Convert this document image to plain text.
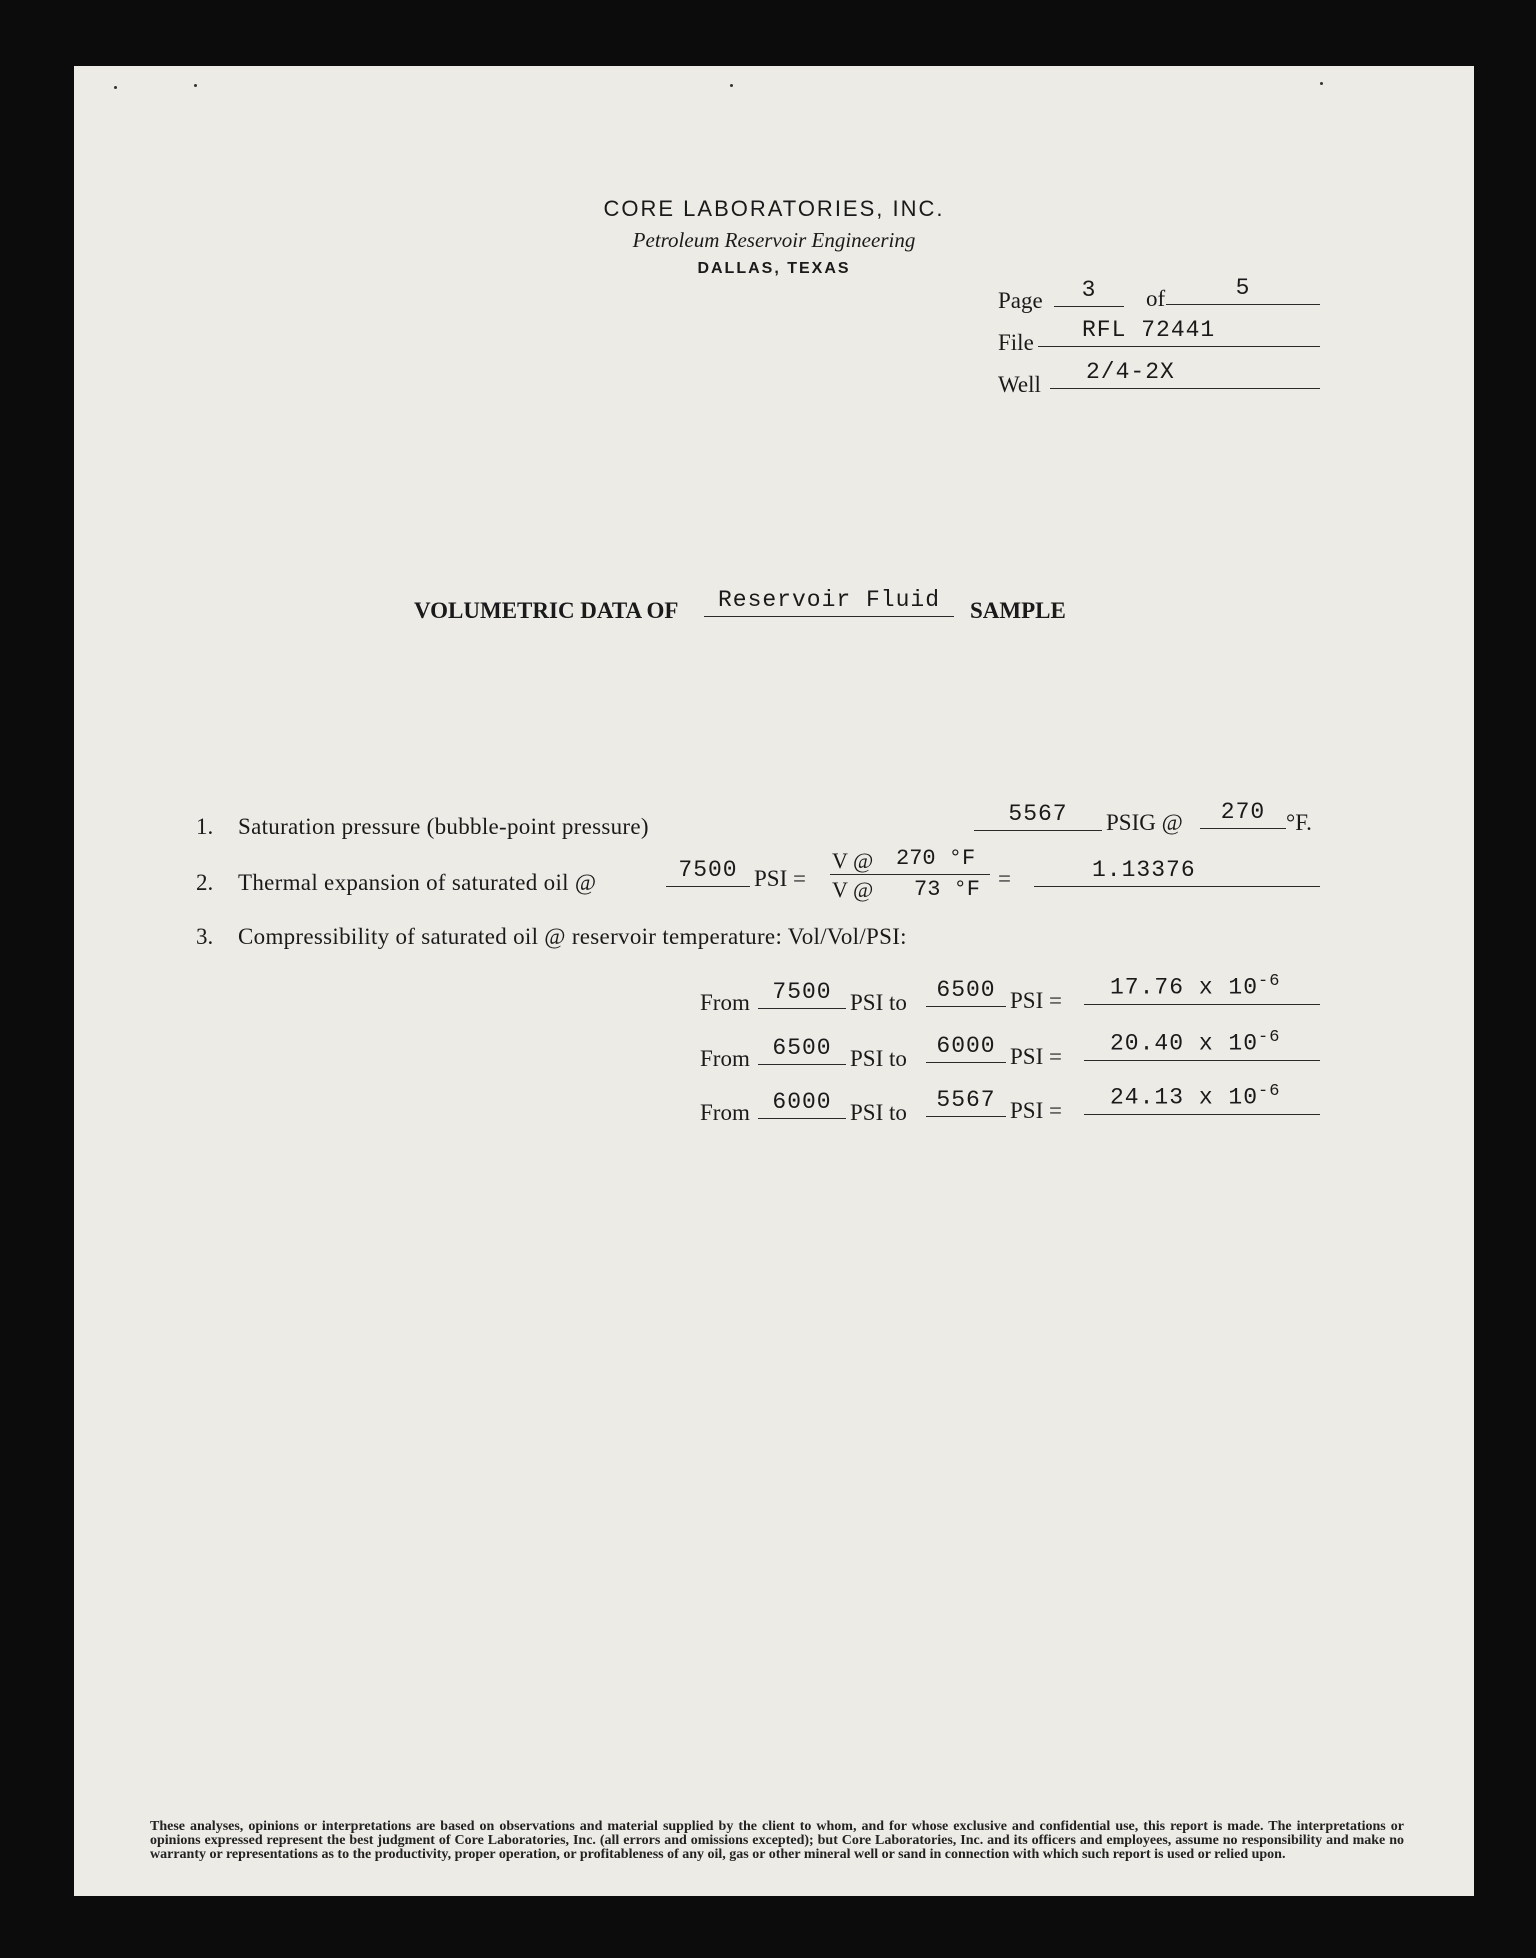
CORE LABORATORIES, INC.
Petroleum Reservoir Engineering
DALLAS, TEXAS
Page	3	of	5
File RFL 72441
Well 2/4-2X
VOLUMETRIC DATA OF	Reservoir Fluid	SAMPLE
1. Saturation pressure (bubble-point pressure)	5567	PSIG @	270 °F.
2. Thermal expansion of saturated oil @	7500 PSI =
V @ 270 °F
V @ 73 °F =	1.13376
3. Compressibility of saturated oil @ reservoir temperature: Vol/Vol/PSI:
From 7500 PSI to	6500 PSI = 17.76 x $10^{-6}$
From 6500 PSI to	6000 PSI = 20.40 x $10^{-6}$
From 6000 PSI to	5567 PSI = 24.13 x $10^{-6}$
These analyses, opinions or interpretations are based on observations and material supplied by the client to whom, and for whose exclusive and confidential use, this report is made. The interpretations or opinions expressed represent the best judgment of Core Laboratories, Inc. (all errors and omissions excepted); but Core Laboratories, Inc. and its officers and employees, assume no responsibility and make no warranty or representations as to the productivity, proper operation, or profitableness of any oil, gas or other mineral well or sand in connection with which such report is used or relied upon.
